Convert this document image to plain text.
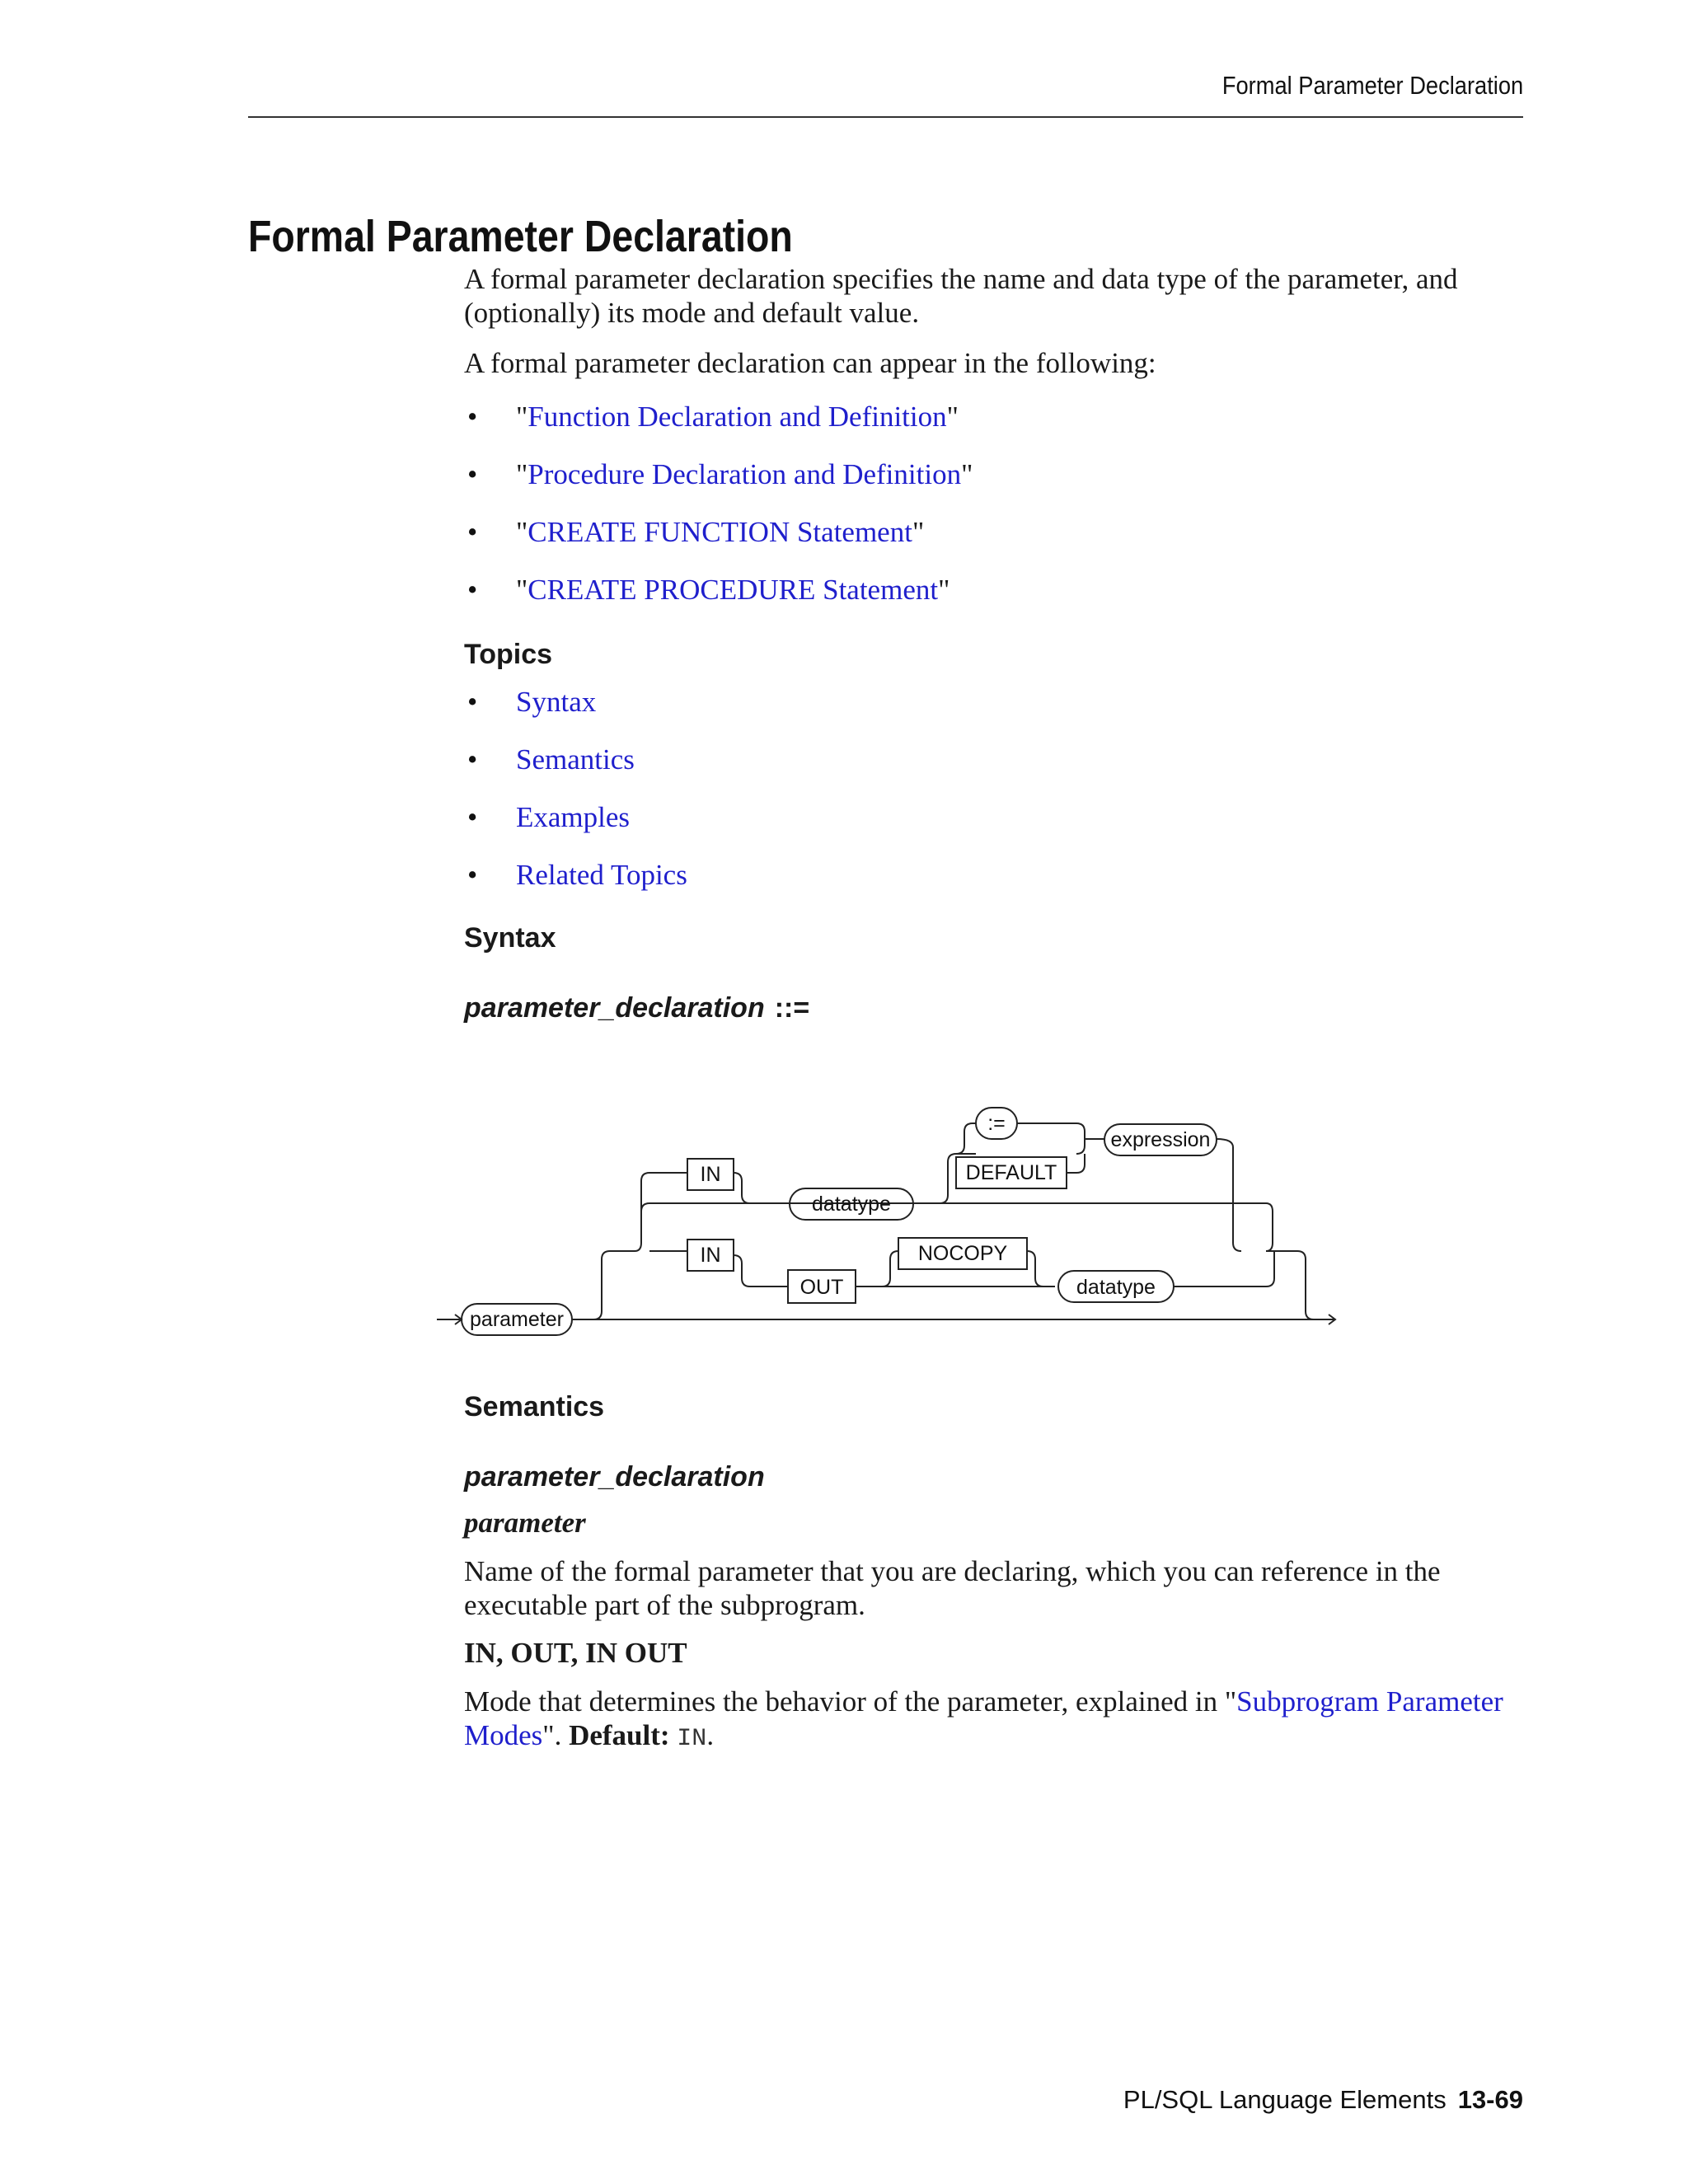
Formal Parameter Declaration
Formal Parameter Declaration

A formal parameter declaration specifies the name and data type of the parameter, and (optionally) its mode and default value.

A formal parameter declaration can appear in the following:

• "Function Declaration and Definition"
• "Procedure Declaration and Definition"
• "CREATE FUNCTION Statement"
• "CREATE PROCEDURE Statement"
Topics
• Syntax
• Semantics
• Examples
• Related Topics
Syntax
parameter_declaration ::=
parameter
IN
datatype
:=
DEFAULT
expression
IN
OUT
NOCOPY
datatype
Semantics
parameter_declaration
parameter

Name of the formal parameter that you are declaring, which you can reference in the executable part of the subprogram.

IN, OUT, IN OUT

Mode that determines the behavior of the parameter, explained in "Subprogram Parameter Modes". Default: IN.

PL/SQL Language Elements 13-69
